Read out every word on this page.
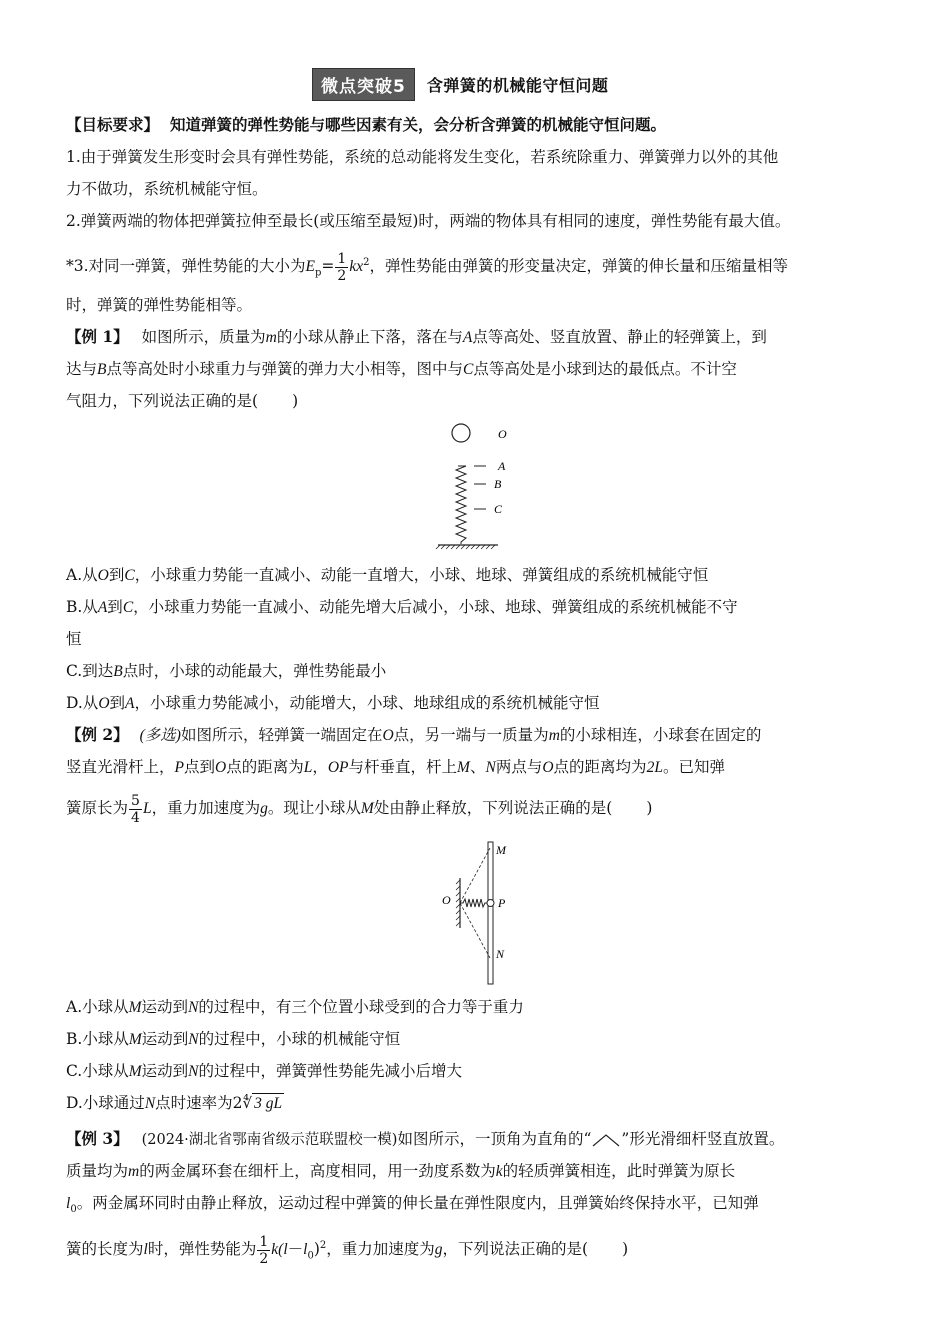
微点突破5 含弹簧的机械能守恒问题
【目标要求】 知道弹簧的弹性势能与哪些因素有关，会分析含弹簧的机械能守恒问题。
1.由于弹簧发生形变时会具有弹性势能，系统的总动能将发生变化，若系统除重力、弹簧弹力以外的其他
力不做功，系统机械能守恒。
2.弹簧两端的物体把弹簧拉伸至最长(或压缩至最短)时，两端的物体具有相同的速度，弹性势能有最大值。
*3.对同一弹簧，弹性势能的大小为$E_p= \frac{1}{2} kx^2$，弹性势能由弹簧的形变量决定，弹簧的伸长量和压缩量相等
时，弹簧的弹性势能相等。
【例 1】 如图所示，质量为m的小球从静止下落，落在与A点等高处、竖直放置、静止的轻弹簧上，到
达与B点等高处时小球重力与弹簧的弹力大小相等，图中与C点等高处是小球到达的最低点。不计空
气阻力，下列说法正确的是( )
O
A
B
C
A.从O到C，小球重力势能一直减小、动能一直增大，小球、地球、弹簧组成的系统机械能守恒
B.从A到C，小球重力势能一直减小、动能先增大后减小，小球、地球、弹簧组成的系统机械能不守
恒
C.到达B点时，小球的动能最大，弹性势能最小
D.从O到A，小球重力势能减小，动能增大，小球、地球组成的系统机械能守恒
【例 2】 (多选)如图所示，轻弹簧一端固定在O点，另一端与一质量为m的小球相连，小球套在固定的
竖直光滑杆上，P点到O点的距离为L，OP与杆垂直，杆上M、N两点与O点的距离均为2L。已知弹
簧原长为 $\frac{5}{4}$ L，重力加速度为g。现让小球从M处由静止释放，下列说法正确的是( )
M
O	P
N
A.小球从M运动到N的过程中，有三个位置小球受到的合力等于重力
B.小球从M运动到N的过程中，小球的机械能守恒
C.小球从M运动到N的过程中，弹簧弹性势能先减小后增大
D.小球通过N点时速率为2∜ 3 gL
【例 3】 (2024·湖北省鄂南省级示范联盟校一模)如图所示，一顶角为直角的“ ”形光滑细杆竖直放置。
质量均为m的两金属环套在细杆上，高度相同，用一劲度系数为k的轻质弹簧相连，此时弹簧为原长
$l_0$。两金属环同时由静止释放，运动过程中弹簧的伸长量在弹性限度内，且弹簧始终保持水平，已知弹
簧的长度为l时，弹性势能为 $\frac{1}{2} k(l-l_0)^2$，重力加速度为g，下列说法正确的是( )
